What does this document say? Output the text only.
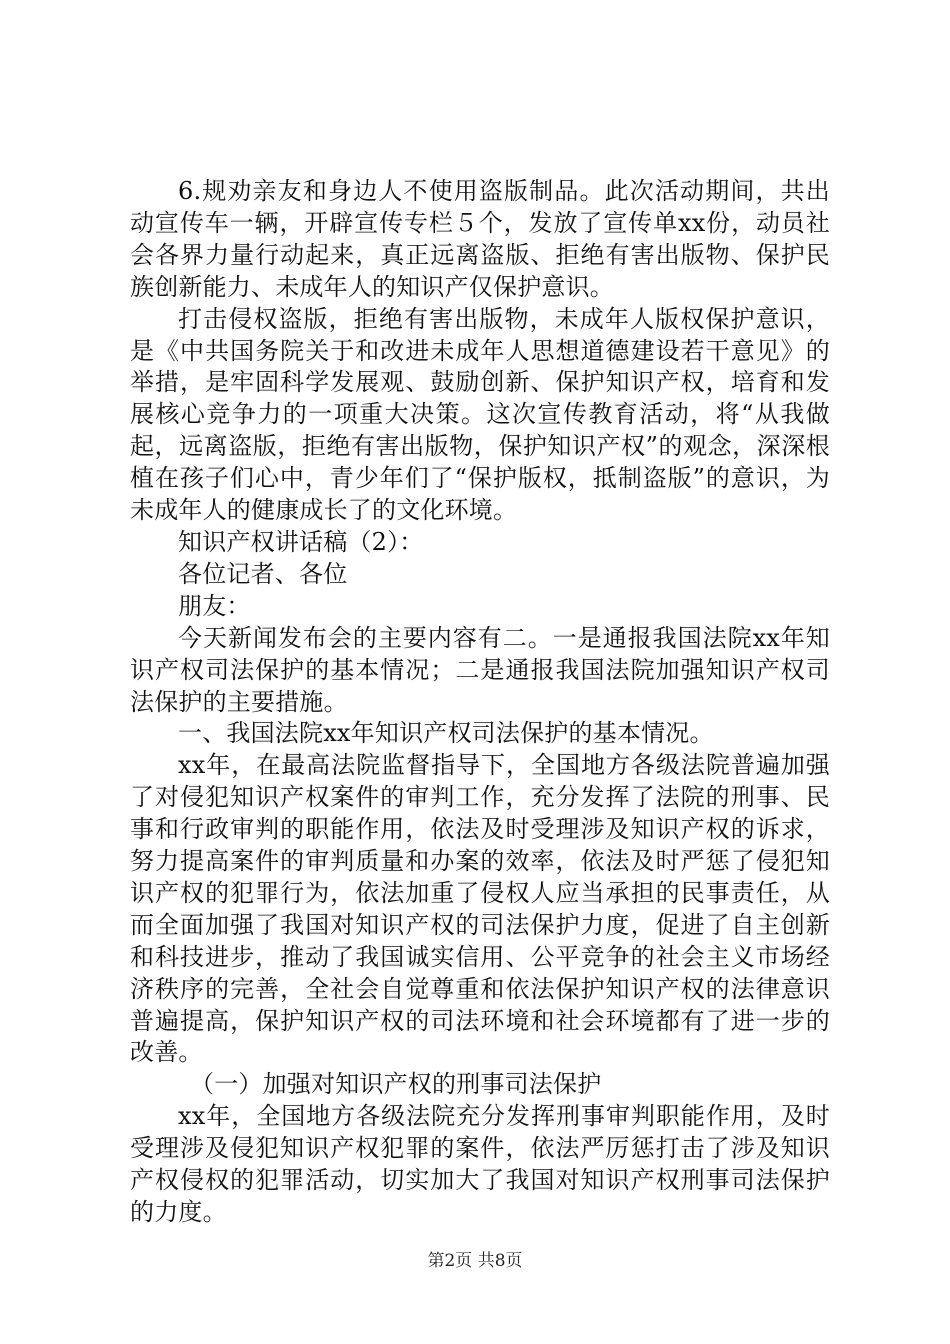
6.规劝亲友和身边人不使用盗版制品。此次活动期间，共出动宣传车一辆，开辟宣传专栏５个，发放了宣传单xx份，动员社会各界力量行动起来，真正远离盗版、拒绝有害出版物、保护民族创新能力、未成年人的知识产仅保护意识。

打击侵权盗版，拒绝有害出版物，未成年人版权保护意识，是《中共国务院关于和改进未成年人思想道德建设若干意见》的举措，是牢固科学发展观、鼓励创新、保护知识产权，培育和发展核心竞争力的一项重大决策。这次宣传教育活动，将“从我做起，远离盗版，拒绝有害出版物，保护知识产权”的观念，深深根植在孩子们心中，青少年们了“保护版权，抵制盗版”的意识，为未成年人的健康成长了的文化环境。

知识产权讲话稿（2）：

各位记者、各位

朋友：

今天新闻发布会的主要内容有二。一是通报我国法院xx年知识产权司法保护的基本情况；二是通报我国法院加强知识产权司法保护的主要措施。

一、我国法院xx年知识产权司法保护的基本情况。

xx年，在最高法院监督指导下，全国地方各级法院普遍加强了对侵犯知识产权案件的审判工作，充分发挥了法院的刑事、民事和行政审判的职能作用，依法及时受理涉及知识产权的诉求，努力提高案件的审判质量和办案的效率，依法及时严惩了侵犯知识产权的犯罪行为，依法加重了侵权人应当承担的民事责任，从而全面加强了我国对知识产权的司法保护力度，促进了自主创新和科技进步，推动了我国诚实信用、公平竞争的社会主义市场经济秩序的完善，全社会自觉尊重和依法保护知识产权的法律意识普遍提高，保护知识产权的司法环境和社会环境都有了进一步的改善。

（一）加强对知识产权的刑事司法保护

xx年，全国地方各级法院充分发挥刑事审判职能作用，及时受理涉及侵犯知识产权犯罪的案件，依法严厉惩打击了涉及知识产权侵权的犯罪活动，切实加大了我国对知识产权刑事司法保护的力度。

第2页 共8页
